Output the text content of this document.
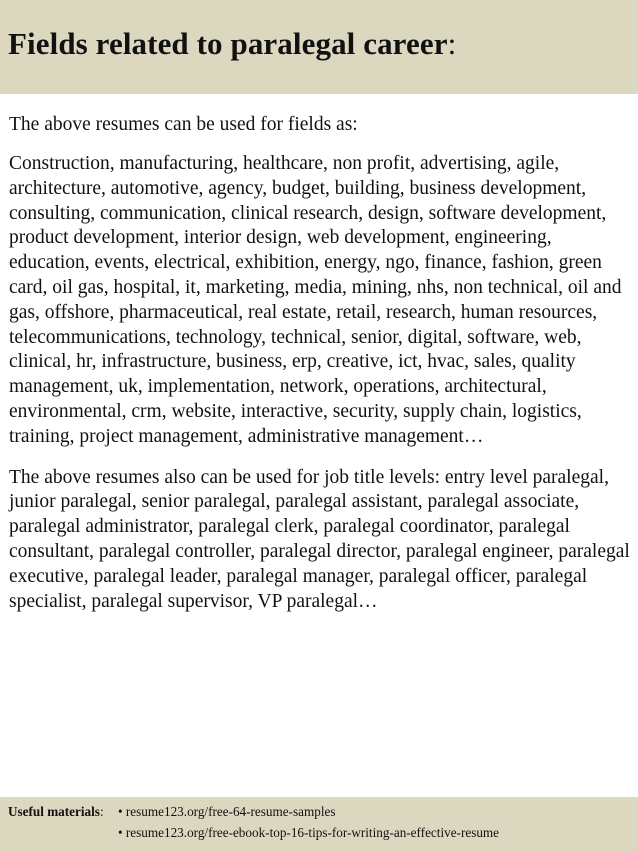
Fields related to paralegal career:

The above resumes can be used for fields as:

Construction, manufacturing, healthcare, non profit, advertising, agile, architecture, automotive, agency, budget, building, business development, consulting, communication, clinical research, design, software development, product development, interior design, web development, engineering, education, events, electrical, exhibition, energy, ngo, finance, fashion, green card, oil gas, hospital, it, marketing, media, mining, nhs, non technical, oil and gas, offshore, pharmaceutical, real estate, retail, research, human resources, telecommunications, technology, technical, senior, digital, software, web, clinical, hr, infrastructure, business, erp, creative, ict, hvac, sales, quality management, uk, implementation, network, operations, architectural, environmental, crm, website, interactive, security, supply chain, logistics, training, project management, administrative management…

The above resumes also can be used for job title levels: entry level paralegal, junior paralegal, senior paralegal, paralegal assistant, paralegal associate, paralegal administrator, paralegal clerk, paralegal coordinator, paralegal consultant, paralegal controller, paralegal director, paralegal engineer, paralegal executive, paralegal leader, paralegal manager, paralegal officer, paralegal specialist, paralegal supervisor, VP paralegal…

Useful materials:	• resume123.org/free-64-resume-samples
• resume123.org/free-ebook-top-16-tips-for-writing-an-effective-resume
